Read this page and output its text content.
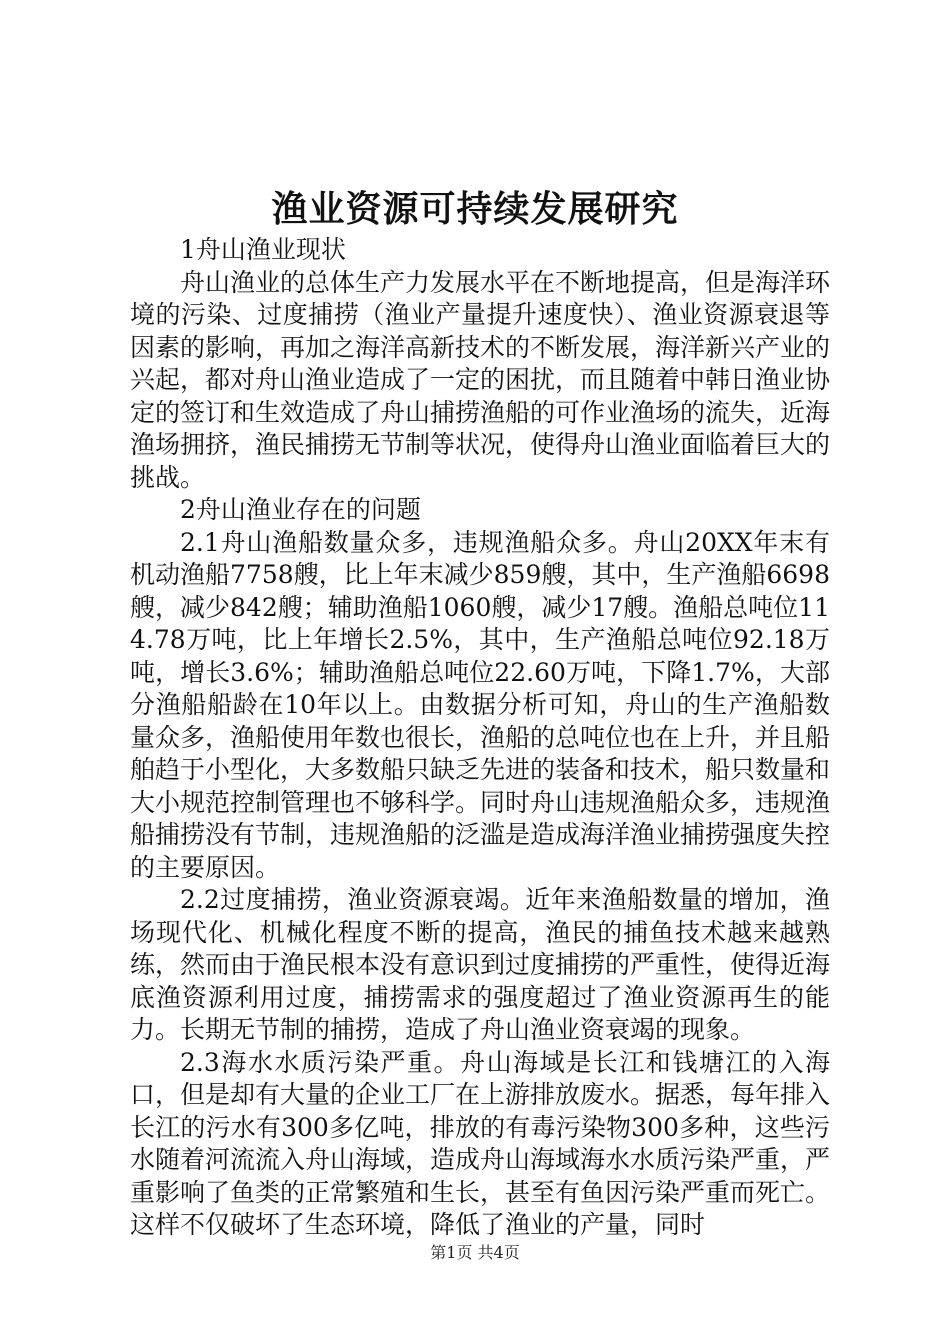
渔业资源可持续发展研究

1舟山渔业现状

舟山渔业的总体生产力发展水平在不断地提高，但是海洋环境的污染、过度捕捞（渔业产量提升速度快）、渔业资源衰退等因素的影响，再加之海洋高新技术的不断发展，海洋新兴产业的兴起，都对舟山渔业造成了一定的困扰，而且随着中韩日渔业协定的签订和生效造成了舟山捕捞渔船的可作业渔场的流失，近海渔场拥挤，渔民捕捞无节制等状况，使得舟山渔业面临着巨大的挑战。

2舟山渔业存在的问题

2.1舟山渔船数量众多，违规渔船众多。舟山20XX年末有机动渔船7758艘，比上年末减少859艘，其中，生产渔船6698艘，减少842艘；辅助渔船1060艘，减少17艘。渔船总吨位114.78万吨，比上年增长2.5%，其中，生产渔船总吨位92.18万吨，增长3.6%；辅助渔船总吨位22.60万吨，下降1.7%，大部分渔船船龄在10年以上。由数据分析可知，舟山的生产渔船数量众多，渔船使用年数也很长，渔船的总吨位也在上升，并且船舶趋于小型化，大多数船只缺乏先进的装备和技术，船只数量和大小规范控制管理也不够科学。同时舟山违规渔船众多，违规渔船捕捞没有节制，违规渔船的泛滥是造成海洋渔业捕捞强度失控的主要原因。

2.2过度捕捞，渔业资源衰竭。近年来渔船数量的增加，渔场现代化、机械化程度不断的提高，渔民的捕鱼技术越来越熟练，然而由于渔民根本没有意识到过度捕捞的严重性，使得近海底渔资源利用过度，捕捞需求的强度超过了渔业资源再生的能力。长期无节制的捕捞，造成了舟山渔业资衰竭的现象。

2.3海水水质污染严重。舟山海域是长江和钱塘江的入海口，但是却有大量的企业工厂在上游排放废水。据悉，每年排入长江的污水有300多亿吨，排放的有毒污染物300多种，这些污水随着河流流入舟山海域，造成舟山海域海水水质污染严重，严重影响了鱼类的正常繁殖和生长，甚至有鱼因污染严重而死亡。这样不仅破坏了生态环境，降低了渔业的产量，同时

第1页 共4页
